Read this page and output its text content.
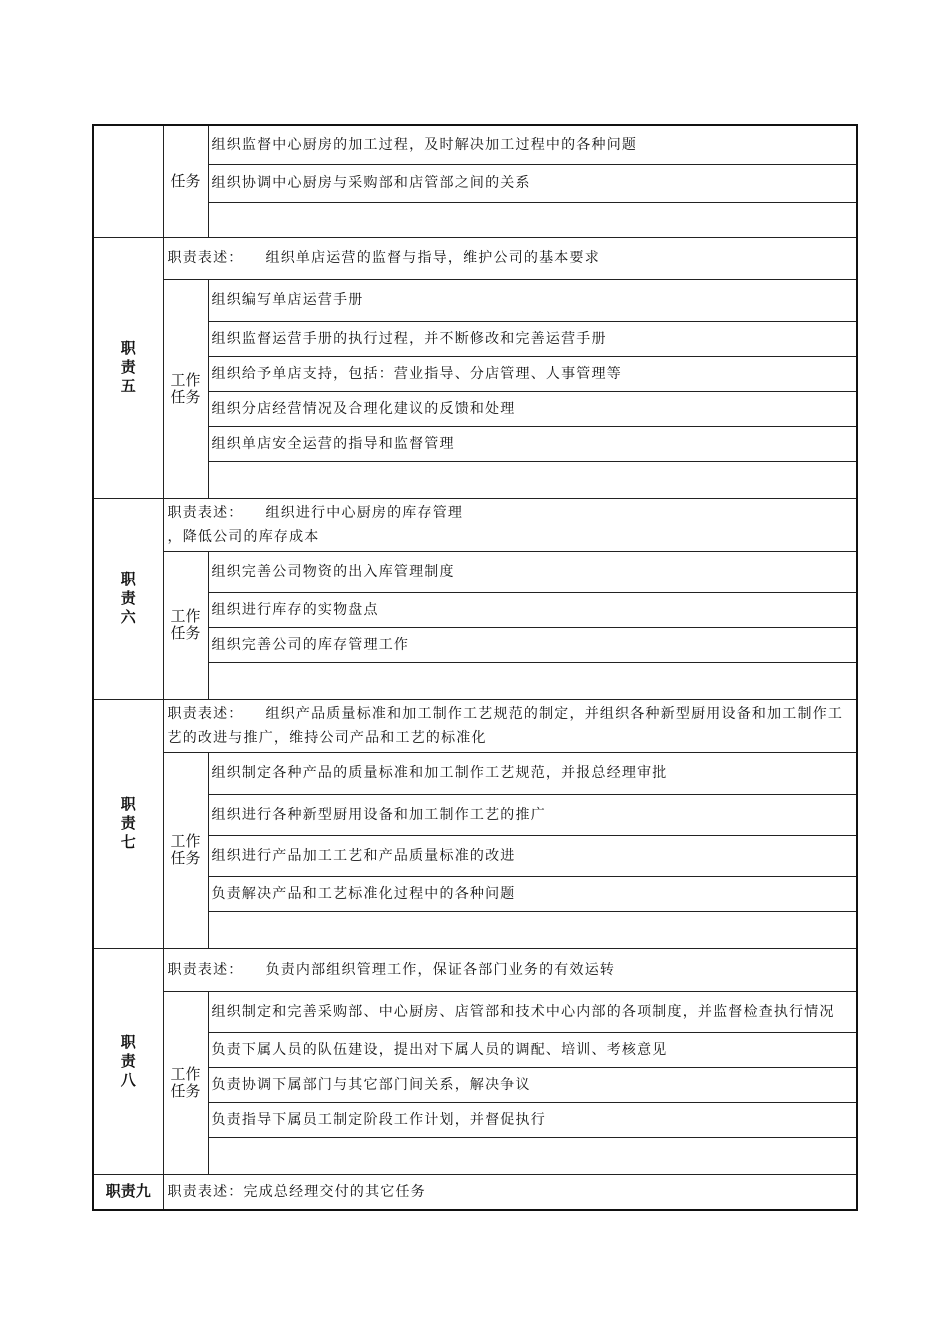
	任务	组织监督中心厨房的加工过程，及时解决加工过程中的各种问题
		组织协调中心厨房与采购部和店管部之间的关系

职责五	职责表述： 组织单店运营的监督与指导，维护公司的基本要求	
	工作任务	组织编写单店运营手册
		组织监督运营手册的执行过程，并不断修改和完善运营手册
		组织给予单店支持，包括：营业指导、分店管理、人事管理等
		组织分店经营情况及合理化建议的反馈和处理
		组织单店安全运营的指导和监督管理

职责六	职责表述： 组织进行中心厨房的库存管理
，降低公司的库存成本	
	工作任务	组织完善公司物资的出入库管理制度
		组织进行库存的实物盘点
		组织完善公司的库存管理工作

职责七	职责表述： 组织产品质量标准和加工制作工艺规范的制定，并组织各种新型厨用设备和加工制作工艺的改进与推广，维持公司产品和工艺的标准化	
	工作任务	组织制定各种产品的质量标准和加工制作工艺规范，并报总经理审批
		组织进行各种新型厨用设备和加工制作工艺的推广
		组织进行产品加工工艺和产品质量标准的改进
		负责解决产品和工艺标准化过程中的各种问题

职责八	职责表述： 负责内部组织管理工作，保证各部门业务的有效运转	
	工作任务	组织制定和完善采购部、中心厨房、店管部和技术中心内部的各项制度，并监督检查执行情况
		负责下属人员的队伍建设，提出对下属人员的调配、培训、考核意见
		负责协调下属部门与其它部门间关系，解决争议
		负责指导下属员工制定阶段工作计划，并督促执行

职责九	职责表述：完成总经理交付的其它任务	
